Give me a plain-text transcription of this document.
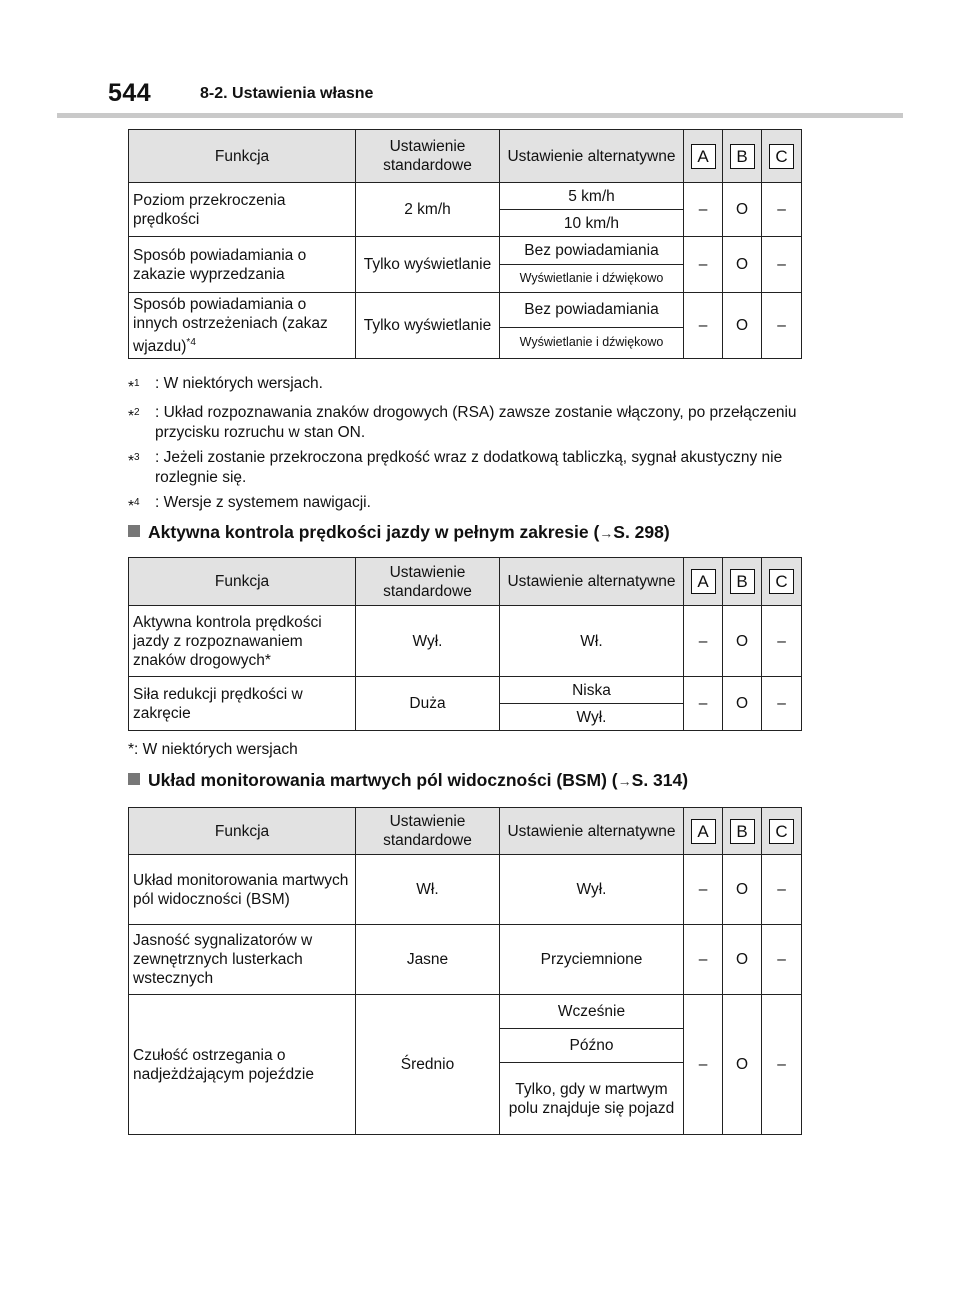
544	8-2. Ustawienia własne
Funkcja	Ustawienie standardowe	Ustawienie alternatywne	A	B	C
Poziom przekroczenia prędkości	2 km/h	5 km/h	–	O	–
		10 km/h			
Sposób powiadamiania o zakazie wyprzedzania	Tylko wyświetlanie	Bez powiadamiania	–	O	–
		Wyświetlanie i dźwiękowo			
Sposób powiadamiania o innych ostrzeżeniach (zakaz wjazdu)$^{*4}$	Tylko wyświetlanie	Bez powiadamiania	–	O	–
		Wyświetlanie i dźwiękowo			
*$^1$ : W niektórych wersjach.
*$^2$ : Układ rozpoznawania znaków drogowych (RSA) zawsze zostanie włączony, po przełączeniu przycisku rozruchu w stan ON.
*$^3$ : Jeżeli zostanie przekroczona prędkość wraz z dodatkową tabliczką, sygnał akustyczny nie rozlegnie się.
*$^4$ : Wersje z systemem nawigacji.
Aktywna kontrola prędkości jazdy w pełnym zakresie (→S. 298)
Funkcja	Ustawienie standardowe	Ustawienie alternatywne	A	B	C
Aktywna kontrola prędkości jazdy z rozpoznawaniem znaków drogowych*	Wył.	Wł.	–	O	–
Siła redukcji prędkości w zakręcie	Duża	Niska	–	O	–
		Wył.			
*: W niektórych wersjach
Układ monitorowania martwych pól widoczności (BSM) (→S. 314)
Funkcja	Ustawienie standardowe	Ustawienie alternatywne	A	B	C
Układ monitorowania martwych pól widoczności (BSM)	Wł.	Wył.	–	O	–
Jasność sygnalizatorów w zewnętrznych lusterkach wstecznych	Jasne	Przyciemnione	–	O	–
Czułość ostrzegania o nadjeżdżającym pojeździe	Średnio	Wcześnie	–	O	–
		Późno			
		Tylko, gdy w martwym polu znajduje się pojazd			
